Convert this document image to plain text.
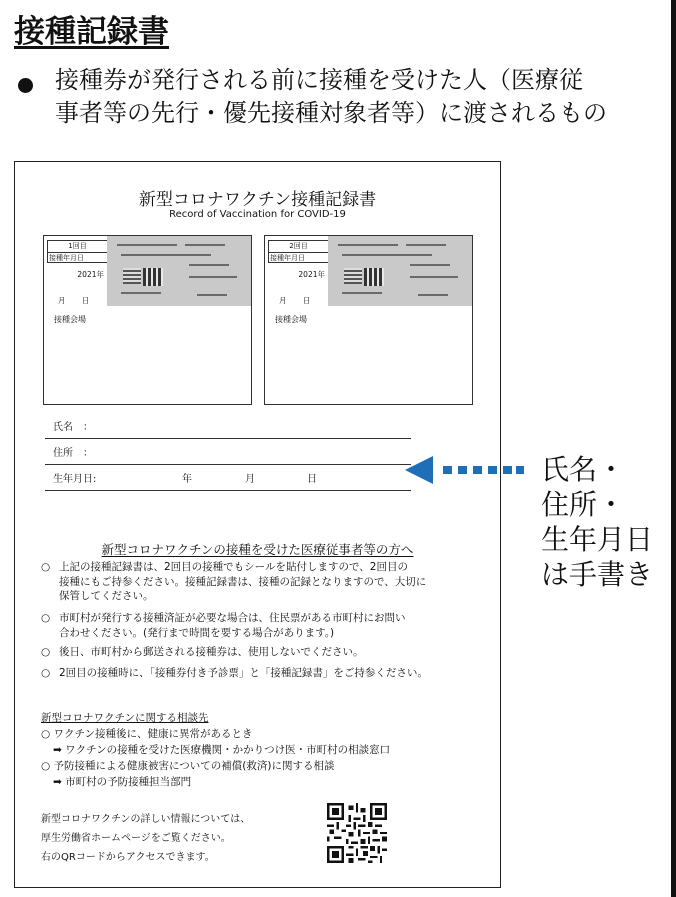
接種記録書
接種券が発行される前に接種を受けた人（医療従
事者等の先行・優先接種対象者等）に渡されるもの
新型コロナワクチン接種記録書
Record of Vaccination for COVID-19
1回目
接種年月日
2021年
月 日
接種会場
2回目
接種年月日
2021年
月 日
接種会場
氏名　：
住所　：
生年月日:	年	月	日
新型コロナワクチンの接種を受けた医療従事者等の方へ
○ 上記の接種記録書は、2回目の接種でもシールを貼付しますので、2回目の
接種にもご持参ください。接種記録書は、接種の記録となりますので、大切に
保管してください。
○ 市町村が発行する接種済証が必要な場合は、住民票がある市町村にお問い
合わせください。(発行まで時間を要する場合があります。)
○ 後日、市町村から郵送される接種券は、使用しないでください。
○ 2回目の接種時に、「接種券付き予診票」と「接種記録書」をご持参ください。
新型コロナワクチンに関する相談先
○ ワクチン接種後に、健康に異常があるとき
➡ ワクチンの接種を受けた医療機関・かかりつけ医・市町村の相談窓口
○ 予防接種による健康被害についての補償(救済)に関する相談
➡ 市町村の予防接種担当部門
新型コロナワクチンの詳しい情報については、
厚生労働省ホームページをご覧ください。
右のQRコードからアクセスできます。
氏名・
住所・
生年月日
は手書き
